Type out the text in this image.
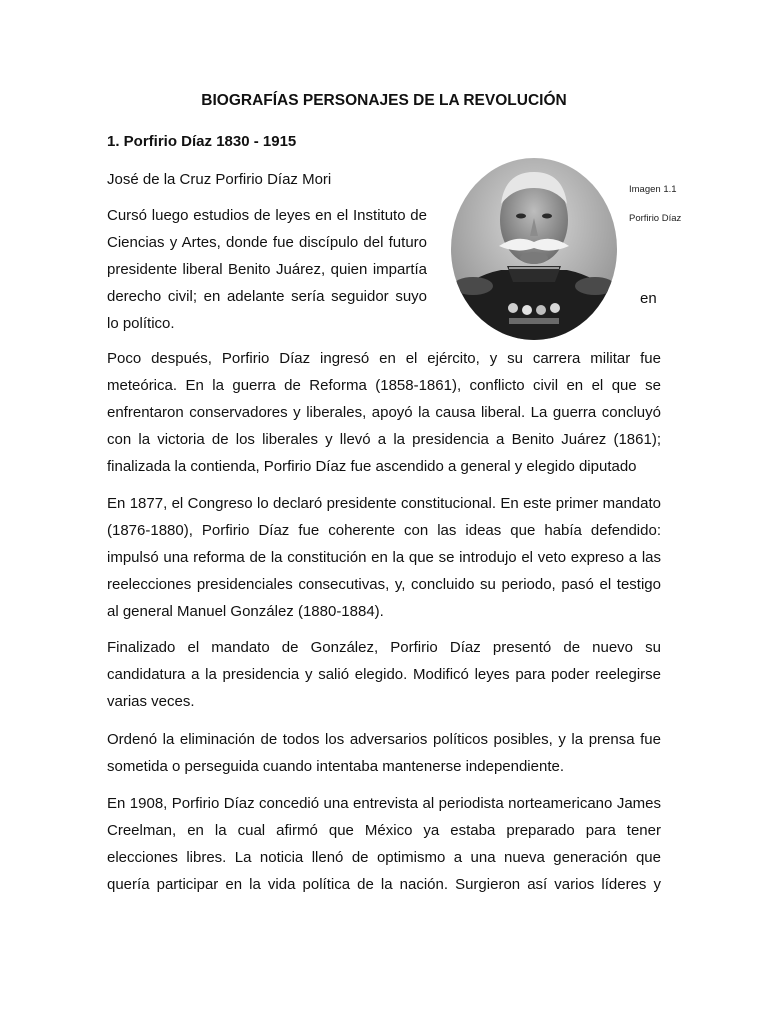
BIOGRAFÍAS PERSONAJES DE LA REVOLUCIÓN
1. Porfirio Díaz 1830 - 1915

José de la Cruz Porfirio Díaz Mori

Cursó luego estudios de leyes en el Instituto de

Ciencias y Artes, donde fue discípulo del futuro

presidente liberal Benito Juárez, quien impartía

derecho civil; en adelante sería seguidor suyo

lo político.

Poco después, Porfirio Díaz ingresó en el ejército, y su carrera militar fue

meteórica. En la guerra de Reforma (1858-1861), conflicto civil en el que se

enfrentaron conservadores y liberales, apoyó la causa liberal. La guerra concluyó

con la victoria de los liberales y llevó a la presidencia a Benito Juárez (1861);

finalizada la contienda, Porfirio Díaz fue ascendido a general y elegido diputado

En 1877, el Congreso lo declaró presidente constitucional. En este primer mandato

(1876-1880), Porfirio Díaz fue coherente con las ideas que había defendido:

impulsó una reforma de la constitución en la que se introdujo el veto expreso a las

reelecciones presidenciales consecutivas, y, concluido su periodo, pasó el testigo

al general Manuel González (1880-1884).

Finalizado el mandato de González, Porfirio Díaz presentó de nuevo su

candidatura a la presidencia y salió elegido. Modificó leyes para poder reelegirse

varias veces.

Ordenó la eliminación de todos los adversarios políticos posibles, y la prensa fue

sometida o perseguida cuando intentaba mantenerse independiente.

En 1908, Porfirio Díaz concedió una entrevista al periodista norteamericano James

Creelman, en la cual afirmó que México ya estaba preparado para tener

elecciones libres. La noticia llenó de optimismo a una nueva generación que

quería participar en la vida política de la nación. Surgieron así varios líderes y

en

Imagen 1.1

Porfirio Díaz
